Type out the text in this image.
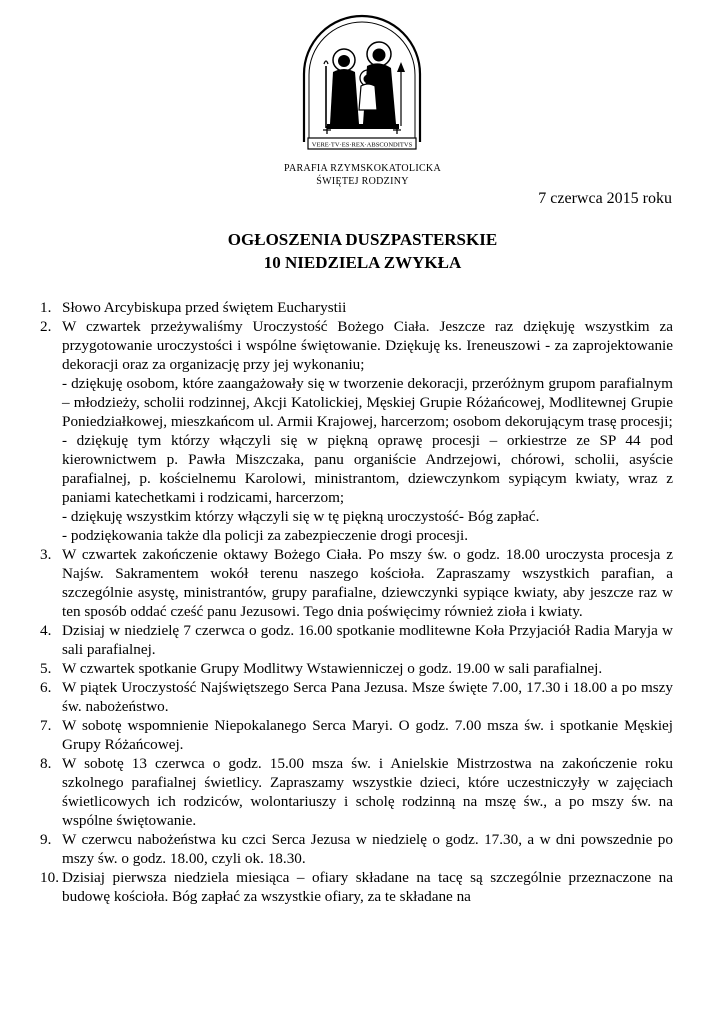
VERE·TV·ES·REX·ABSCONDITVS
PARAFIA RZYMSKOKATOLICKA
ŚWIĘTEJ RODZINY
7 czerwca 2015 roku
OGŁOSZENIA DUSZPASTERSKIE
10 NIEDZIELA ZWYKŁA
1. Słowo Arcybiskupa przed świętem Eucharystii

2. W czwartek przeżywaliśmy Uroczystość Bożego Ciała. Jeszcze raz dziękuję wszystkim za przygotowanie uroczystości i wspólne świętowanie. Dziękuję ks. Ireneuszowi - za zaprojektowanie dekoracji oraz za organizację przy jej wykonaniu;

- dziękuję osobom, które zaangażowały się w tworzenie dekoracji, przeróżnym grupom parafialnym – młodzieży, scholii rodzinnej, Akcji Katolickiej, Męskiej Grupie Różańcowej, Modlitewnej Grupie Poniedziałkowej, mieszkańcom ul. Armii Krajowej, harcerzom; osobom dekorującym trasę procesji;

- dziękuję tym którzy włączyli się w piękną oprawę procesji – orkiestrze ze SP 44 pod kierownictwem p. Pawła Miszczaka, panu organiście Andrzejowi, chórowi, scholii, asyście parafialnej, p. kościelnemu Karolowi, ministrantom, dziewczynkom sypiącym kwiaty, wraz z paniami katechetkami i rodzicami, harcerzom;

- dziękuję wszystkim którzy włączyli się w tę piękną uroczystość- Bóg zapłać.

- podziękowania także dla policji za zabezpieczenie drogi procesji.

3. W czwartek zakończenie oktawy Bożego Ciała. Po mszy św. o godz. 18.00 uroczysta procesja z Najśw. Sakramentem wokół terenu naszego kościoła. Zapraszamy wszystkich parafian, a szczególnie asystę, ministrantów, grupy parafialne, dziewczynki sypiące kwiaty, aby jeszcze raz w ten sposób oddać cześć panu Jezusowi. Tego dnia poświęcimy również zioła i kwiaty.

4. Dzisiaj w niedzielę 7 czerwca o godz. 16.00 spotkanie modlitewne Koła Przyjaciół Radia Maryja w sali parafialnej.

5. W czwartek spotkanie Grupy Modlitwy Wstawienniczej o godz. 19.00 w sali parafialnej.

6. W piątek Uroczystość Najświętszego Serca Pana Jezusa. Msze święte 7.00, 17.30 i 18.00 a po mszy św. nabożeństwo.

7. W sobotę wspomnienie Niepokalanego Serca Maryi. O godz. 7.00 msza św. i spotkanie Męskiej Grupy Różańcowej.

8. W sobotę 13 czerwca o godz. 15.00 msza św. i Anielskie Mistrzostwa na zakończenie roku szkolnego parafialnej świetlicy. Zapraszamy wszystkie dzieci, które uczestniczyły w zajęciach świetlicowych ich rodziców, wolontariuszy i scholę rodzinną na mszę św., a po mszy św. na wspólne świętowanie.

9. W czerwcu nabożeństwa ku czci Serca Jezusa w niedzielę o godz. 17.30, a w dni powszednie po mszy św. o godz. 18.00, czyli ok. 18.30.

10. Dzisiaj pierwsza niedziela miesiąca – ofiary składane na tacę są szczególnie przeznaczone na budowę kościoła. Bóg zapłać za wszystkie ofiary, za te składane na
